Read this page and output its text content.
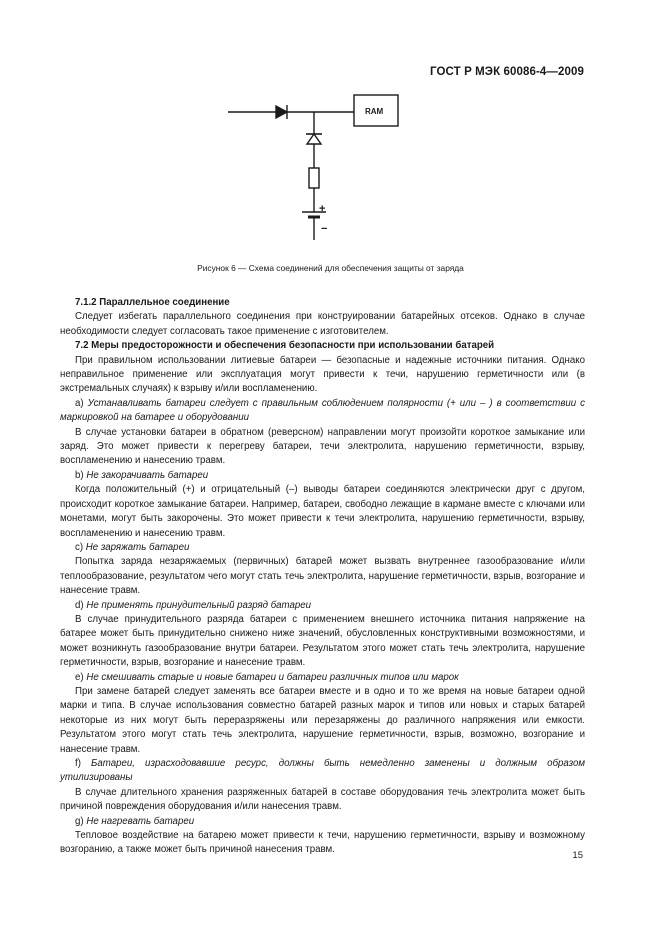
ГОСТ Р МЭК 60086-4—2009
RAM
+
−
Рисунок 6 — Схема соединений для обеспечения защиты от заряда

7.1.2 Параллельное соединение

Следует избегать параллельного соединения при конструировании батарейных отсеков. Однако в случае необходимости следует согласовать такое применение с изготовителем.

7.2 Меры предосторожности и обеспечения безопасности при использовании батарей

При правильном использовании литиевые батареи — безопасные и надежные источники питания. Однако неправильное применение или эксплуатация могут привести к течи, нарушению герметичности или (в экстремальных случаях) к взрыву и/или воспламенению.

а) Устанавливать батареи следует с правильным соблюдением полярности (+ или – ) в соответствии с маркировкой на батарее и оборудовании

В случае установки батареи в обратном (реверсном) направлении могут произойти короткое замыкание или заряд. Это может привести к перегреву батареи, течи электролита, нарушению герметичности, взрыву, воспламенению и нанесению травм.

b) Не закорачивать батареи

Когда положительный (+) и отрицательный (–) выводы батареи соединяются электрически друг с другом, происходит короткое замыкание батареи. Например, батареи, свободно лежащие в кармане вместе с ключами или монетами, могут быть закорочены. Это может привести к течи электролита, нарушению герметичности, взрыву, воспламенению и нанесению травм.

с) Не заряжать батареи

Попытка заряда незаряжаемых (первичных) батарей может вызвать внутреннее газообразование и/или теплообразование, результатом чего могут стать течь электролита, нарушение герметичности, взрыв, возгорание и нанесение травм.

d) Не применять принудительный разряд батареи

В случае принудительного разряда батареи с применением внешнего источника питания напряжение на батарее может быть принудительно снижено ниже значений, обусловленных конструктивными возможностями, и может возникнуть газообразование внутри батареи. Результатом этого может стать течь электролита, нарушение герметичности, взрыв, возгорание и нанесение травм.

е) Не смешивать старые и новые батареи и батареи различных типов или марок

При замене батарей следует заменять все батареи вместе и в одно и то же время на новые батареи одной марки и типа. В случае использования совместно батарей разных марок и типов или новых и старых батарей некоторые из них могут быть переразряжены или перезаряжены до различного напряжения или емкости. Результатом этого могут стать течь электролита, нарушение герметичности, взрыв, возможно, возгорание и нанесение травм.

f) Батареи, израсходовавшие ресурс, должны быть немедленно заменены и должным образом утилизированы

В случае длительного хранения разряженных батарей в составе оборудования течь электролита может быть причиной повреждения оборудования и/или нанесения травм.

g) Не нагревать батареи

Тепловое воздействие на батарею может привести к течи, нарушению герметичности, взрыву и возможному возгоранию, а также может быть причиной нанесения травм.

15
